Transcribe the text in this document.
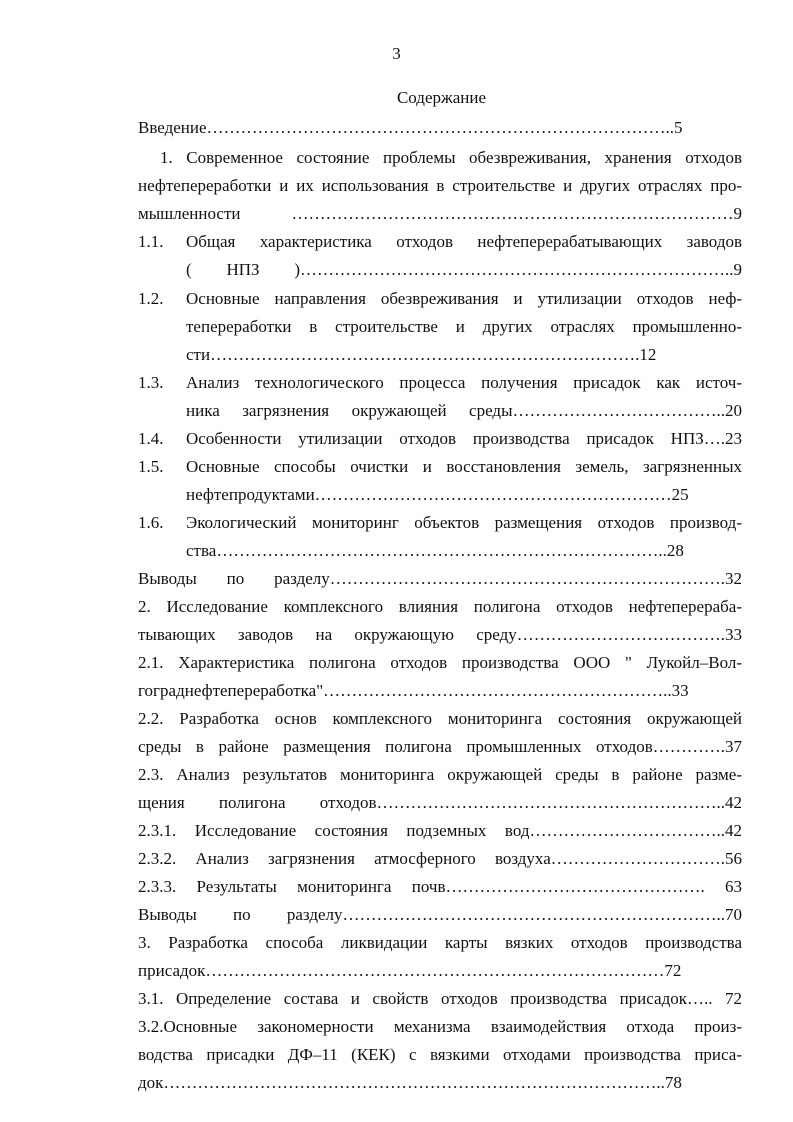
3
Содержание
Введение………………………………………………………………………..5
1. Современное состояние проблемы обезвреживания, хранения отходов
нефтепереработки и их использования в строительстве и других отраслях про-
мышленности ……………………………………………………………………9
1.1. Общая характеристика отходов нефтеперерабатывающих заводов
( НПЗ )…………………………………………………………………..9
1.2. Основные направления обезвреживания и утилизации отходов неф-
тепереработки в строительстве и других отраслях промышленно-
сти………………………………………………………………….12
1.3. Анализ технологического процесса получения присадок как источ-
ника загрязнения окружающей среды………………………………..20
1.4. Особенности утилизации отходов производства присадок НПЗ….23
1.5. Основные способы очистки и восстановления земель, загрязненных
нефтепродуктами………………………………………………………25
1.6. Экологический мониторинг объектов размещения отходов производ-
ства……………………………………………………………………..28
Выводы по разделу…………………………………………………………….32
2. Исследование комплексного влияния полигона отходов нефтеперераба-
тывающих заводов на окружающую среду……………………………….33
2.1. Характеристика полигона отходов производства ООО " Лукойл–Вол-
гограднефтепереработка"……………………………………………………..33
2.2. Разработка основ комплексного мониторинга состояния окружающей
среды в районе размещения полигона промышленных отходов………….37
2.3. Анализ результатов мониторинга окружающей среды в районе разме-
щения полигона отходов……………………………………………………..42
2.3.1. Исследование состояния подземных вод……………………………..42
2.3.2. Анализ загрязнения атмосферного воздуха………………………….56
2.3.3. Результаты мониторинга почв………………………………………. 63
Выводы по разделу…………………………………………………………..70
3. Разработка способа ликвидации карты вязких отходов производства
присадок………………………………………………………………………72
3.1. Определение состава и свойств отходов производства присадок….. 72
3.2.Основные закономерности механизма взаимодействия отхода произ-
водства присадки ДФ–11 (КЕК) с вязкими отходами производства приса-
док……………………………………………………………………………..78
